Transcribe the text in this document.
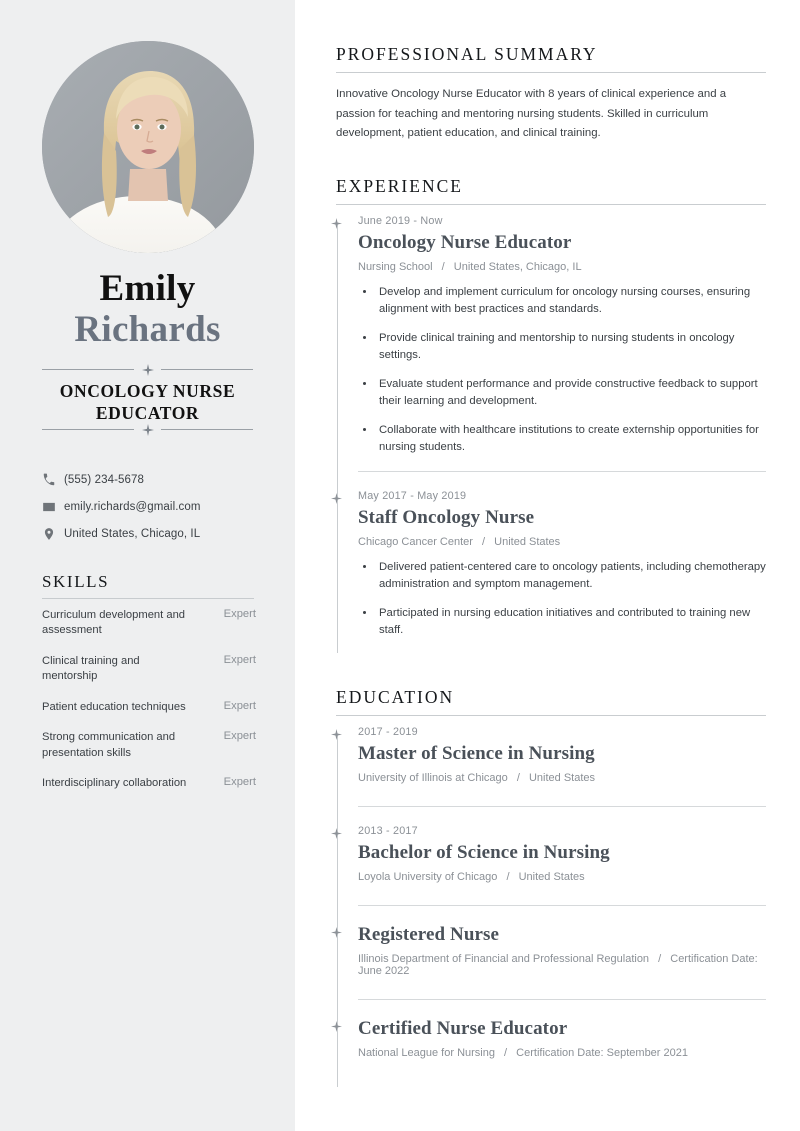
Emily
Richards
ONCOLOGY NURSE EDUCATOR
(555) 234-5678
emily.richards@gmail.com
United States, Chicago, IL
SKILLS
Curriculum development and assessment
Expert
Clinical training and mentorship
Expert
Patient education techniques	Expert
Strong communication and presentation skills
Expert
Interdisciplinary collaboration	Expert
PROFESSIONAL SUMMARY
Innovative Oncology Nurse Educator with 8 years of clinical experience and a passion for teaching and mentoring nursing students. Skilled in curriculum development, patient education, and clinical training.
EXPERIENCE
June 2019 - Now
Oncology Nurse Educator
Nursing School / United States, Chicago, IL
• Develop and implement curriculum for oncology nursing courses, ensuring alignment with best practices and standards.
• Provide clinical training and mentorship to nursing students in oncology settings.
• Evaluate student performance and provide constructive feedback to support their learning and development.
• Collaborate with healthcare institutions to create externship opportunities for nursing students.
May 2017 - May 2019
Staff Oncology Nurse
Chicago Cancer Center / United States
• Delivered patient-centered care to oncology patients, including chemotherapy administration and symptom management.
• Participated in nursing education initiatives and contributed to training new staff.
EDUCATION
2017 - 2019
Master of Science in Nursing
University of Illinois at Chicago / United States
2013 - 2017
Bachelor of Science in Nursing
Loyola University of Chicago / United States
Registered Nurse
Illinois Department of Financial and Professional Regulation / Certification Date: June 2022
Certified Nurse Educator
National League for Nursing / Certification Date: September 2021
